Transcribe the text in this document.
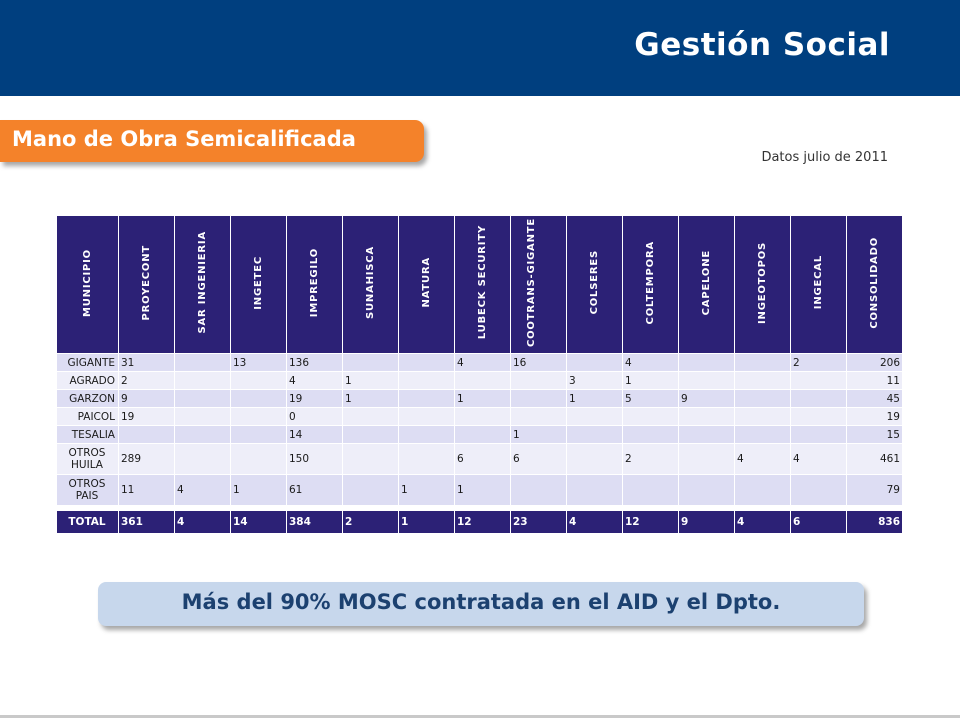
Gestión Social
Mano de Obra Semicalificada
Datos julio de 2011
MUNICIPIO	PROYECONT	SAR INGENIERIA	INGETEC	IMPREGILO	SUNAHISCA	NATURA	LUBECK SECURITY	COOTRANS-GIGANTE	COLSERES	COLTEMPORA	CAPELONE	INGEOTOPOS	INGECAL	CONSOLIDADO
GIGANTE	31		13	136			4	16		4			2	206
AGRADO	2			4	1				3	1				11
GARZON	9			19	1		1		1	5	9			45
PAICOL	19			0										19
TESALIA				14				1						15
OTROS HUILA	289			150			6	6		2		4	4	461
OTROS PAIS	11	4	1	61		1	1							79

TOTAL	361	4	14	384	2	1	12	23	4	12	9	4	6	836
Más del 90% MOSC contratada en el AID y el Dpto.
